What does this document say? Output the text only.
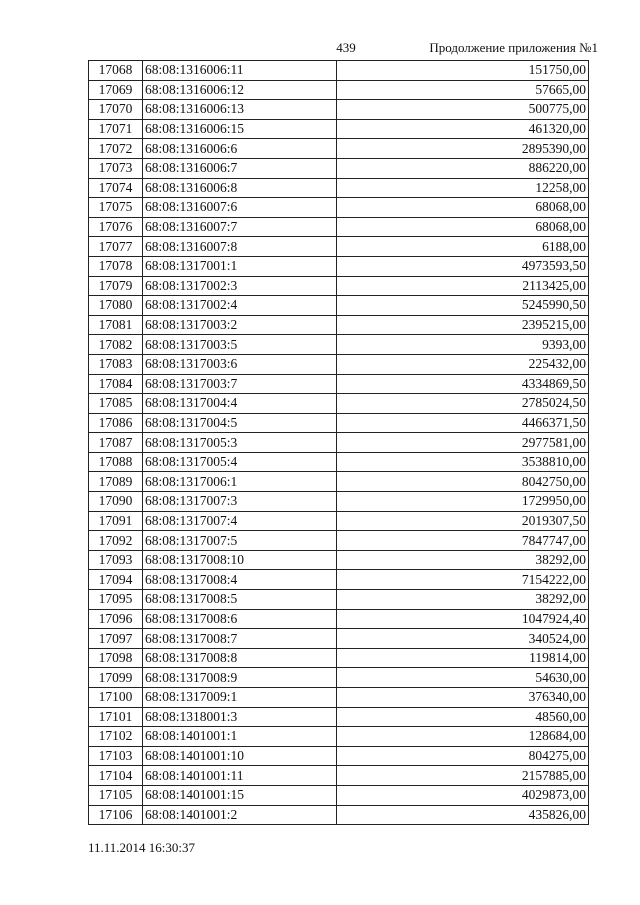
439	Продолжение приложения №1
17068	68:08:1316006:11	151750,00
17069	68:08:1316006:12	57665,00
17070	68:08:1316006:13	500775,00
17071	68:08:1316006:15	461320,00
17072	68:08:1316006:6	2895390,00
17073	68:08:1316006:7	886220,00
17074	68:08:1316006:8	12258,00
17075	68:08:1316007:6	68068,00
17076	68:08:1316007:7	68068,00
17077	68:08:1316007:8	6188,00
17078	68:08:1317001:1	4973593,50
17079	68:08:1317002:3	2113425,00
17080	68:08:1317002:4	5245990,50
17081	68:08:1317003:2	2395215,00
17082	68:08:1317003:5	9393,00
17083	68:08:1317003:6	225432,00
17084	68:08:1317003:7	4334869,50
17085	68:08:1317004:4	2785024,50
17086	68:08:1317004:5	4466371,50
17087	68:08:1317005:3	2977581,00
17088	68:08:1317005:4	3538810,00
17089	68:08:1317006:1	8042750,00
17090	68:08:1317007:3	1729950,00
17091	68:08:1317007:4	2019307,50
17092	68:08:1317007:5	7847747,00
17093	68:08:1317008:10	38292,00
17094	68:08:1317008:4	7154222,00
17095	68:08:1317008:5	38292,00
17096	68:08:1317008:6	1047924,40
17097	68:08:1317008:7	340524,00
17098	68:08:1317008:8	119814,00
17099	68:08:1317008:9	54630,00
17100	68:08:1317009:1	376340,00
17101	68:08:1318001:3	48560,00
17102	68:08:1401001:1	128684,00
17103	68:08:1401001:10	804275,00
17104	68:08:1401001:11	2157885,00
17105	68:08:1401001:15	4029873,00
17106	68:08:1401001:2	435826,00
11.11.2014 16:30:37
